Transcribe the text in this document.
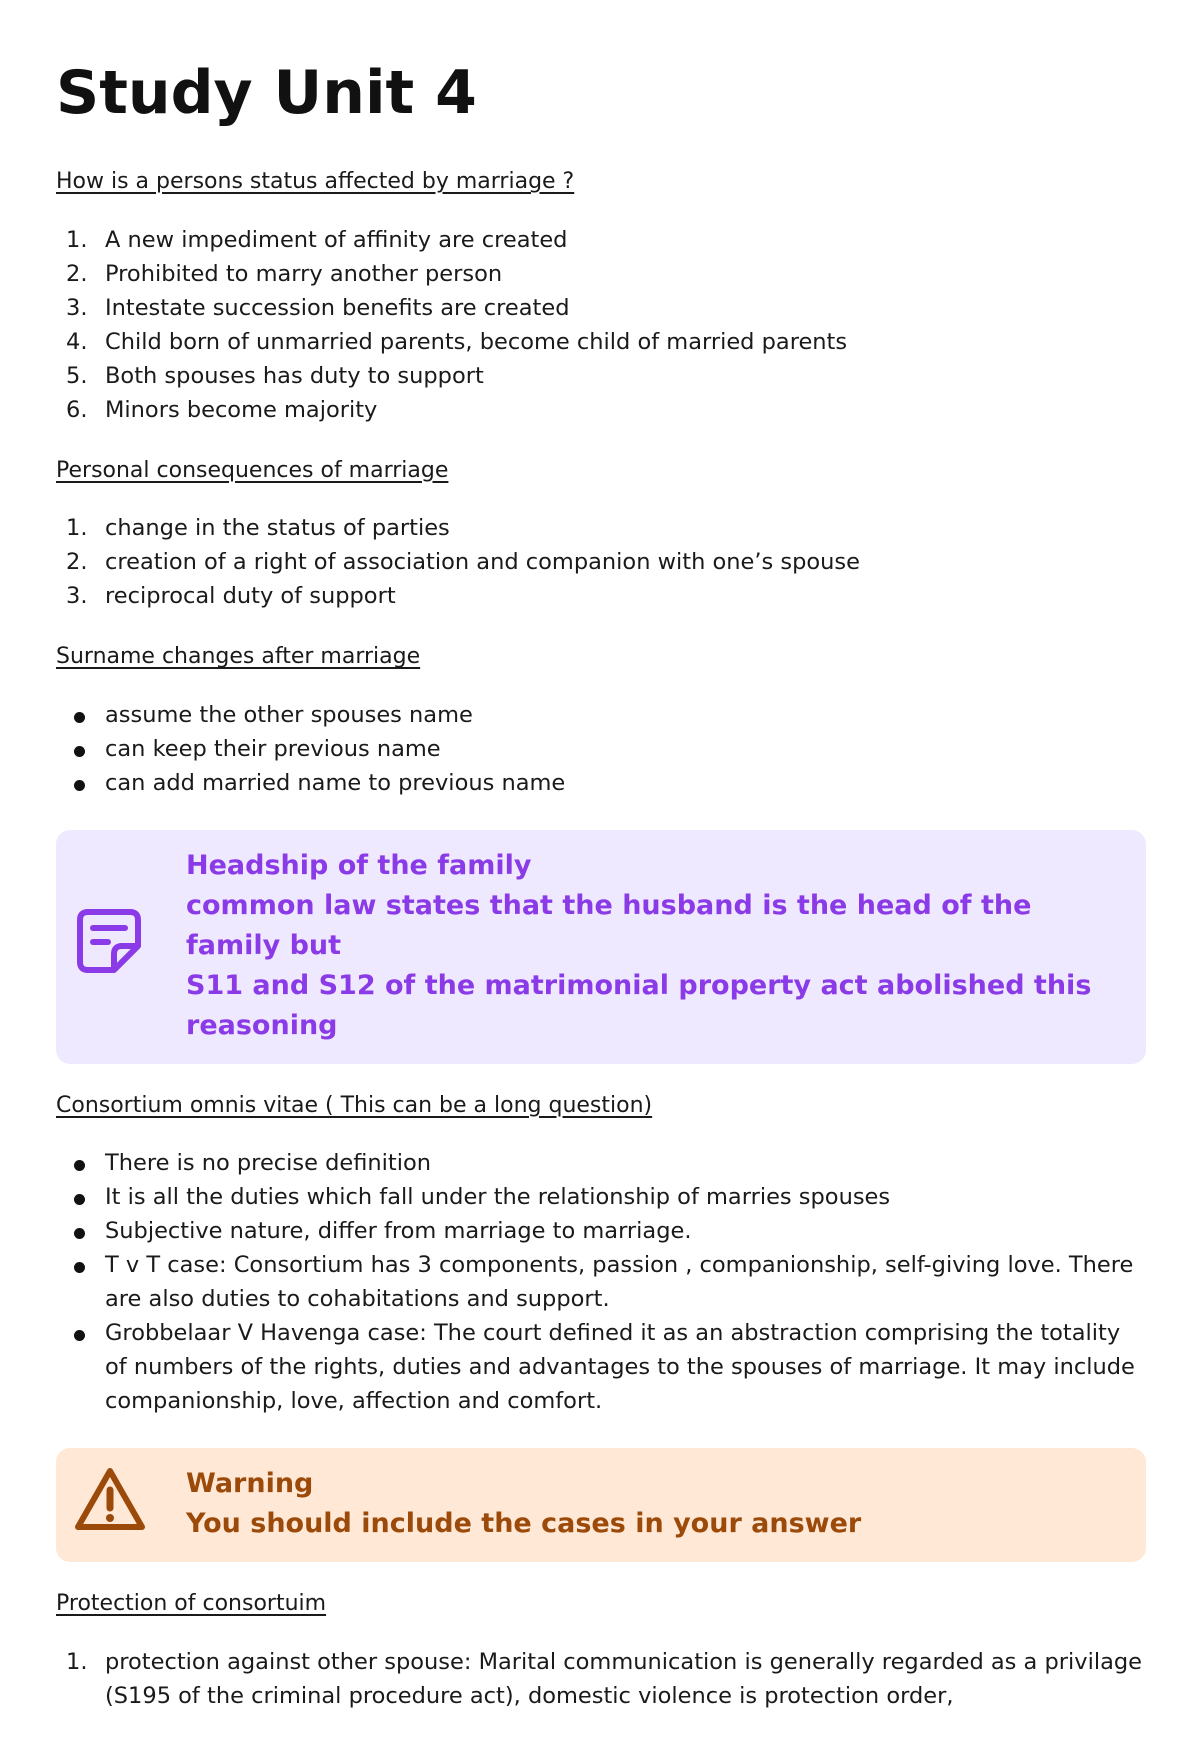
Study Unit 4
How is a persons status affected by marriage ?
1. A new impediment of affinity are created
2. Prohibited to marry another person
3. Intestate succession benefits are created
4. Child born of unmarried parents, become child of married parents
5. Both spouses has duty to support
6. Minors become majority
Personal consequences of marriage
1. change in the status of parties
2. creation of a right of association and companion with one’s spouse
3. reciprocal duty of support
Surname changes after marriage
assume the other spouses name
can keep their previous name
can add married name to previous name

Headship of the family

common law states that the husband is the head of the family but

S11 and S12 of the matrimonial property act abolished this reasoning

Consortium omnis vitae ( This can be a long question)
There is no precise definition
It is all the duties which fall under the relationship of marries spouses
Subjective nature, differ from marriage to marriage.
T v T case: Consortium has 3 components, passion , companionship, self-giving love. There are also duties to cohabitations and support.
Grobbelaar V Havenga case: The court defined it as an abstraction comprising the totality of numbers of the rights, duties and advantages to the spouses of marriage. It may include companionship, love, affection and comfort.

Warning

You should include the cases in your answer

Protection of consortuim
1. protection against other spouse: Marital communication is generally regarded as a privilage (S195 of the criminal procedure act), domestic violence is protection order,
